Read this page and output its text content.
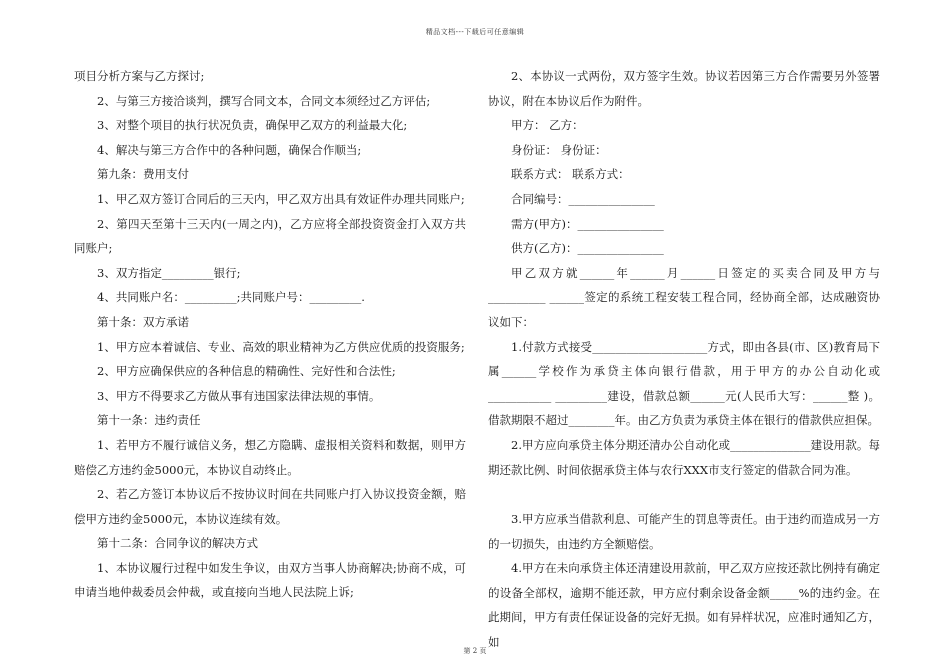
精品文档---下载后可任意编辑

项目分析方案与乙方探讨;

2、与第三方接洽谈判，撰写合同文本，合同文本须经过乙方评估;

3、对整个项目的执行状况负责，确保甲乙双方的利益最大化;

4、解决与第三方合作中的各种问题，确保合作顺当;

第九条：费用支付

1、甲乙双方签订合同后的三天内，甲乙双方出具有效证件办理共同账户;

2、第四天至第十三天内(一周之内)，乙方应将全部投资资金打入双方共同账户;

3、双方指定_________银行;

4、共同账户名：_________;共同账户号：_________.

第十条：双方承诺

1、甲方应本着诚信、专业、高效的职业精神为乙方供应优质的投资服务;

2、甲方应确保供应的各种信息的精确性、完好性和合法性;

3、甲方不得要求乙方做从事有违国家法律法规的事情。

第十一条：违约责任

1、若甲方不履行诚信义务，想乙方隐瞒、虚报相关资料和数据，则甲方赔偿乙方违约金5000元，本协议自动终止。

2、若乙方签订本协议后不按协议时间在共同账户打入协议投资金额，赔偿甲方违约金5000元，本协议连续有效。

第十二条：合同争议的解决方式

1、本协议履行过程中如发生争议，由双方当事人协商解决;协商不成，可申请当地仲裁委员会仲裁，或直接向当地人民法院上诉;

2、本协议一式两份，双方签字生效。协议若因第三方合作需要另外签署协议，附在本协议后作为附件。

甲方： 乙方：

身份证： 身份证：

联系方式： 联系方式：

合同编号：_______________

需方(甲方)：_______________

供方(乙方)：_______________

甲乙双方就______年______月______日签定的买卖合同及甲方与__________ ______签定的系统工程安装工程合同，经协商全部，达成融资协议如下：

1.付款方式接受____________________方式，即由各县(市、区)教育局下属______学校作为承贷主体向银行借款，用于甲方的办公自动化或___________ _________建设，借款总额______元(人民币大写：______整 )。借款期限不超过________年。由乙方负责为承贷主体在银行的借款供应担保。

2.甲方应向承贷主体分期还清办公自动化或______________建设用款。每期还款比例、时间依据承贷主体与农行XXX市支行签定的借款合同为准。

3.甲方应承当借款利息、可能产生的罚息等责任。由于违约而造成另一方的一切损失，由违约方全额赔偿。

4.甲方在未向承贷主体还清建设用款前，甲乙双方应按还款比例持有确定的设备全部权，逾期不能还款，甲方应付剩余设备金额_____%的违约金。在此期间，甲方有责任保证设备的完好无损。如有异样状况，应准时通知乙方，如

第 2 页
